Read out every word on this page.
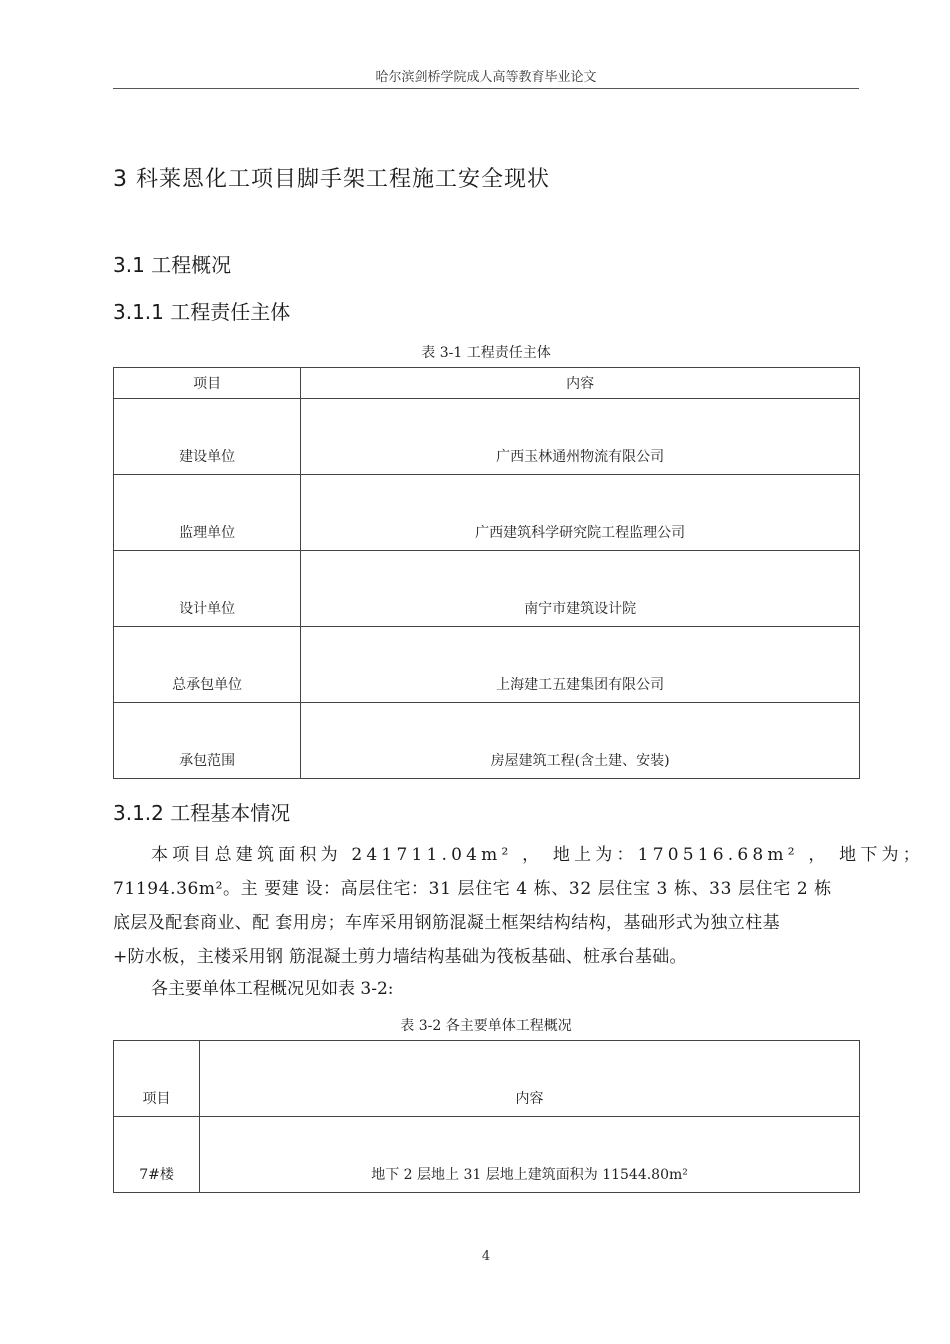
哈尔滨剑桥学院成人高等教育毕业论文
3 科莱恩化工项目脚手架工程施工安全现状
3.1 工程概况
3.1.1 工程责任主体
表 3-1 工程责任主体
项目	内容
建设单位	广西玉林通州物流有限公司
监理单位	广西建筑科学研究院工程监理公司
设计单位	南宁市建筑设计院
总承包单位	上海建工五建集团有限公司
承包范围	房屋建筑工程(含土建、安装)
3.1.2 工程基本情况
本项目总建筑面积为 241711.04m² ， 地上为：170516.68m² ， 地下为；
71194.36m²。主 要建 设：高层住宅：31 层住宅 4 栋、32 层住宝 3 栋、33 层住宅 2 栋
底层及配套商业、配 套用房；车库采用钢筋混凝土框架结构结构，基础形式为独立柱基
+防水板，主楼采用钢 筋混凝土剪力墙结构基础为筏板基础、桩承台基础。
各主要单体工程概况见如表 3-2:
表 3-2 各主要单体工程概况
项目	内容
7#楼	地下 2 层地上 31 层地上建筑面积为 11544.80m²
4
